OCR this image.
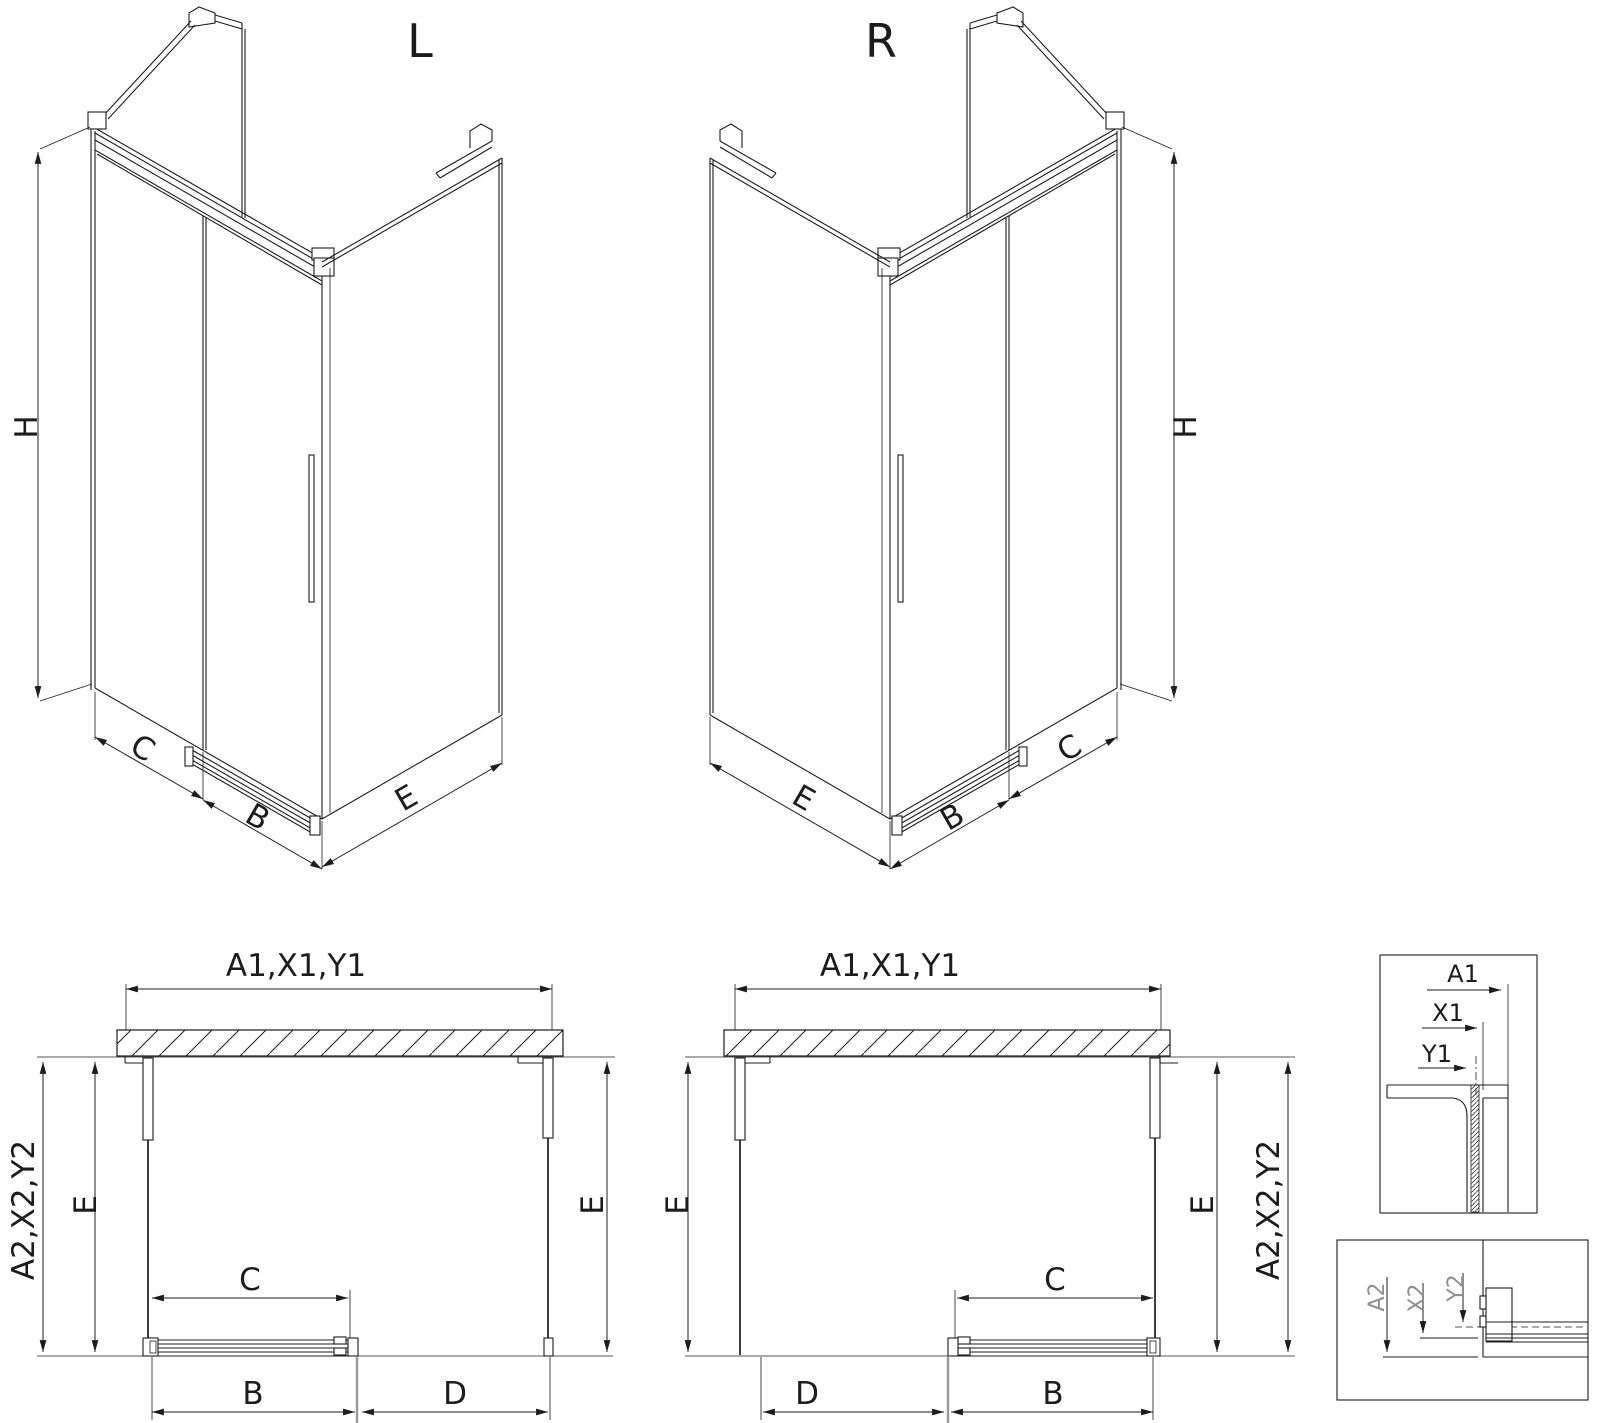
H
C
B	E
L
H
C
B
E
R
A1,X1,Y1
A2,X2,Y2 E	E
C
B	D
A1,X1,Y1
E	E A2,X2,Y2
C
D	B
A1
X1
Y1
A2 X2 Y2
